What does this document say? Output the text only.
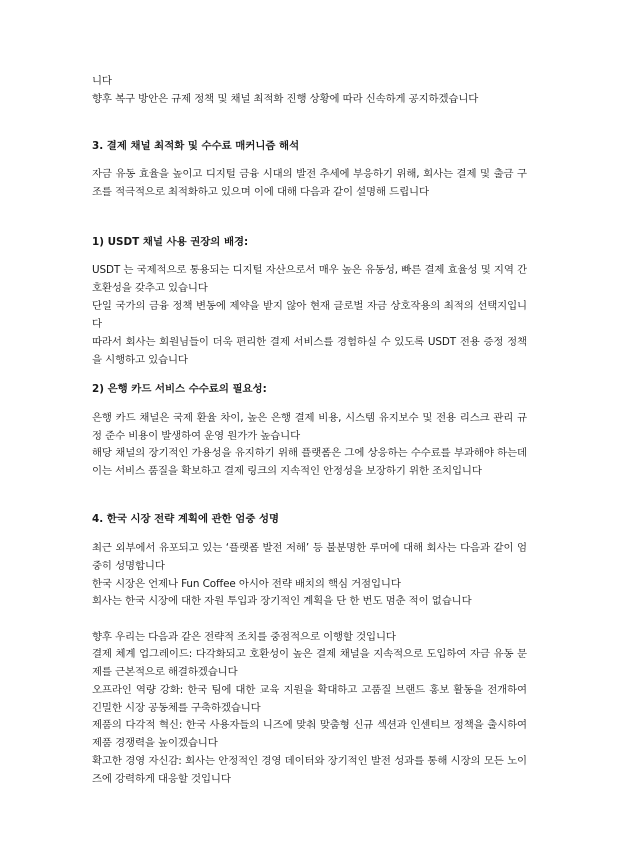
니다

향후 복구 방안은 규제 정책 및 채널 최적화 진행 상황에 따라 신속하게 공지하겠습니다

3. 결제 채널 최적화 및 수수료 매커니즘 해석

자금 유동 효율을 높이고 디지털 금융 시대의 발전 추세에 부응하기 위해, 회사는 결제 및 출금 구조를 적극적으로 최적화하고 있으며 이에 대해 다음과 같이 설명해 드립니다

1) USDT 채널 사용 권장의 배경:

USDT 는 국제적으로 통용되는 디지털 자산으로서 매우 높은 유동성, 빠른 결제 효율성 및 지역 간 호환성을 갖추고 있습니다

단일 국가의 금융 정책 변동에 제약을 받지 않아 현재 글로벌 자금 상호작용의 최적의 선택지입니다

따라서 회사는 회원님들이 더욱 편리한 결제 서비스를 경험하실 수 있도록 USDT 전용 증정 정책을 시행하고 있습니다

2) 은행 카드 서비스 수수료의 필요성:

은행 카드 채널은 국제 환율 차이, 높은 은행 결제 비용, 시스템 유지보수 및 전용 리스크 관리 규정 준수 비용이 발생하여 운영 원가가 높습니다

해당 채널의 장기적인 가용성을 유지하기 위해 플랫폼은 그에 상응하는 수수료를 부과해야 하는데 이는 서비스 품질을 확보하고 결제 링크의 지속적인 안정성을 보장하기 위한 조치입니다

4. 한국 시장 전략 계획에 관한 엄중 성명

최근 외부에서 유포되고 있는 ‘플랫폼 발전 저해’ 등 불분명한 루머에 대해 회사는 다음과 같이 엄중히 성명합니다

한국 시장은 언제나 Fun Coffee 아시아 전략 배치의 핵심 거점입니다

회사는 한국 시장에 대한 자원 투입과 장기적인 계획을 단 한 번도 멈춘 적이 없습니다

향후 우리는 다음과 같은 전략적 조치를 중점적으로 이행할 것입니다

결제 체계 업그레이드: 다각화되고 호환성이 높은 결제 채널을 지속적으로 도입하여 자금 유동 문제를 근본적으로 해결하겠습니다

오프라인 역량 강화: 한국 팀에 대한 교육 지원을 확대하고 고품질 브랜드 홍보 활동을 전개하여 긴밀한 시장 공동체를 구축하겠습니다

제품의 다각적 혁신: 한국 사용자들의 니즈에 맞춰 맞춤형 신규 섹션과 인센티브 정책을 출시하여 제품 경쟁력을 높이겠습니다

확고한 경영 자신감: 회사는 안정적인 경영 데이터와 장기적인 발전 성과를 통해 시장의 모든 노이즈에 강력하게 대응할 것입니다
